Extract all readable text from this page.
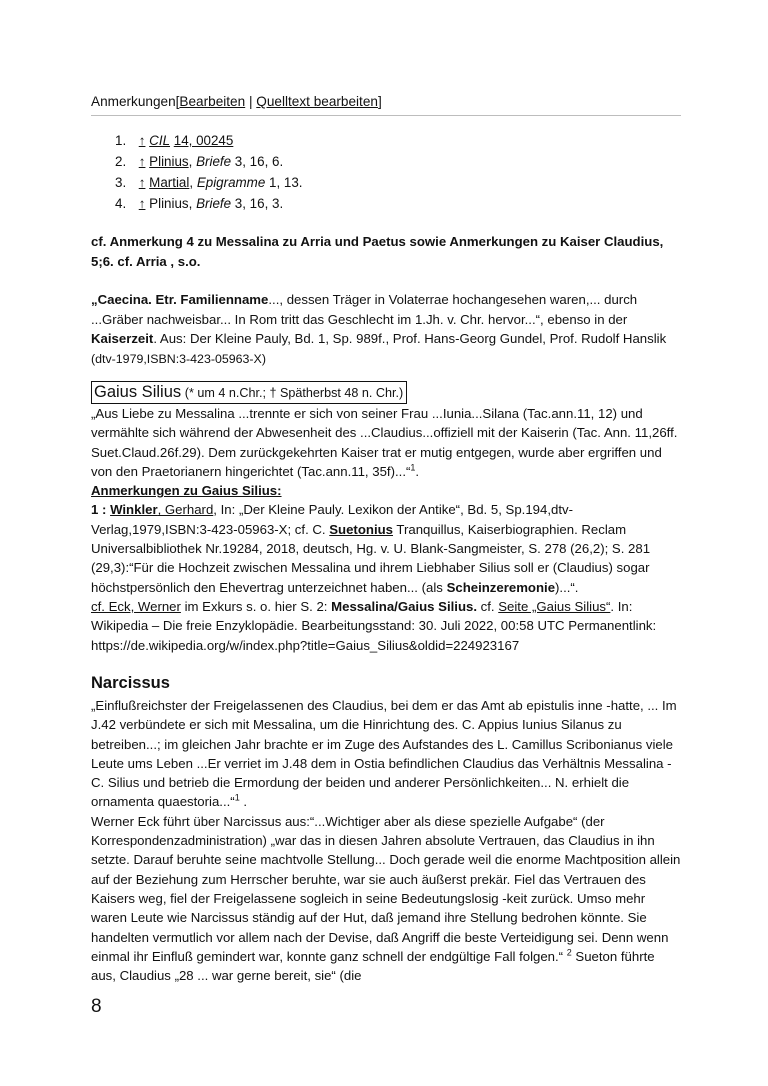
Anmerkungen[Bearbeiten | Quelltext bearbeiten]
1. ↑ CIL 14, 00245
2. ↑ Plinius, Briefe 3, 16, 6.
3. ↑ Martial, Epigramme 1, 13.
4. ↑ Plinius, Briefe 3, 16, 3.
cf. Anmerkung 4 zu Messalina zu Arria und Paetus sowie Anmerkungen zu Kaiser Claudius, 5;6. cf. Arria , s.o.
„Caecina. Etr. Familienname..., dessen Träger in Volaterrae hochangesehen waren,... durch ...Gräber nachweisbar... In Rom tritt das Geschlecht im 1.Jh. v. Chr. hervor...“, ebenso in der Kaiserzeit. Aus: Der Kleine Pauly, Bd. 1, Sp. 989f., Prof. Hans-Georg Gundel, Prof. Rudolf Hanslik (dtv-1979,ISBN:3-423-05963-X)
Gaius Silius (* um 4 n.Chr.; † Spätherbst 48 n. Chr.)
„Aus Liebe zu Messalina ...trennte er sich von seiner Frau ...Iunia...Silana (Tac.ann.11, 12) und vermählte sich während der Abwesenheit des ...Claudius...offiziell mit der Kaiserin (Tac. Ann. 11,26ff. Suet.Claud.26f.29). Dem zurückgekehrten Kaiser trat er mutig entgegen, wurde aber ergriffen und von den Praetorianern hingerichtet (Tac.ann.11, 35f)...“$^1$.
Anmerkungen zu Gaius Silius:
1 : Winkler, Gerhard, In: „Der Kleine Pauly. Lexikon der Antike“, Bd. 5, Sp.194,dtv-Verlag,1979,ISBN:3-423-05963-X; cf. C. Suetonius Tranquillus, Kaiserbiographien. Reclam Universalbibliothek Nr.19284, 2018, deutsch, Hg. v. U. Blank-Sangmeister, S. 278 (26,2); S. 281 (29,3):“Für die Hochzeit zwischen Messalina und ihrem Liebhaber Silius soll er (Claudius) sogar höchstpersönlich den Ehevertrag unterzeichnet haben... (als Scheinzeremonie)...“.
cf. Eck, Werner im Exkurs s. o. hier S. 2: Messalina/Gaius Silius. cf. Seite „Gaius Silius“. In: Wikipedia – Die freie Enzyklopädie. Bearbeitungsstand: 30. Juli 2022, 00:58 UTC Permanentlink: https://de.wikipedia.org/w/index.php?title=Gaius_Silius&oldid=224923167
Narcissus
„Einflußreichster der Freigelassenen des Claudius, bei dem er das Amt ab epistulis inne -hatte, ... Im J.42 verbündete er sich mit Messalina, um die Hinrichtung des. C. Appius Iunius Silanus zu betreiben...; im gleichen Jahr brachte er im Zuge des Aufstandes des L. Camillus Scribonianus viele Leute ums Leben ...Er verriet im J.48 dem in Ostia befindlichen Claudius das Verhältnis Messalina - C. Silius und betrieb die Ermordung der beiden und anderer Persönlichkeiten... N. erhielt die ornamenta quaestoria...“$^1$ .
Werner Eck führt über Narcissus aus:“...Wichtiger aber als diese spezielle Aufgabe“ (der Korrespondenzadministration) „war das in diesen Jahren absolute Vertrauen, das Claudius in ihn setzte. Darauf beruhte seine machtvolle Stellung... Doch gerade weil die enorme Machtposition allein auf der Beziehung zum Herrscher beruhte, war sie auch äußerst prekär. Fiel das Vertrauen des Kaisers weg, fiel der Freigelassene sogleich in seine Bedeutungslosig -keit zurück. Umso mehr waren Leute wie Narcissus ständig auf der Hut, daß jemand ihre Stellung bedrohen könnte. Sie handelten vermutlich vor allem nach der Devise, daß Angriff die beste Verteidigung sei. Denn wenn einmal ihr Einfluß gemindert war, konnte ganz schnell der endgültige Fall folgen.“ $^2$ Sueton führte aus, Claudius „28 ... war gerne bereit, sie“ (die
8
